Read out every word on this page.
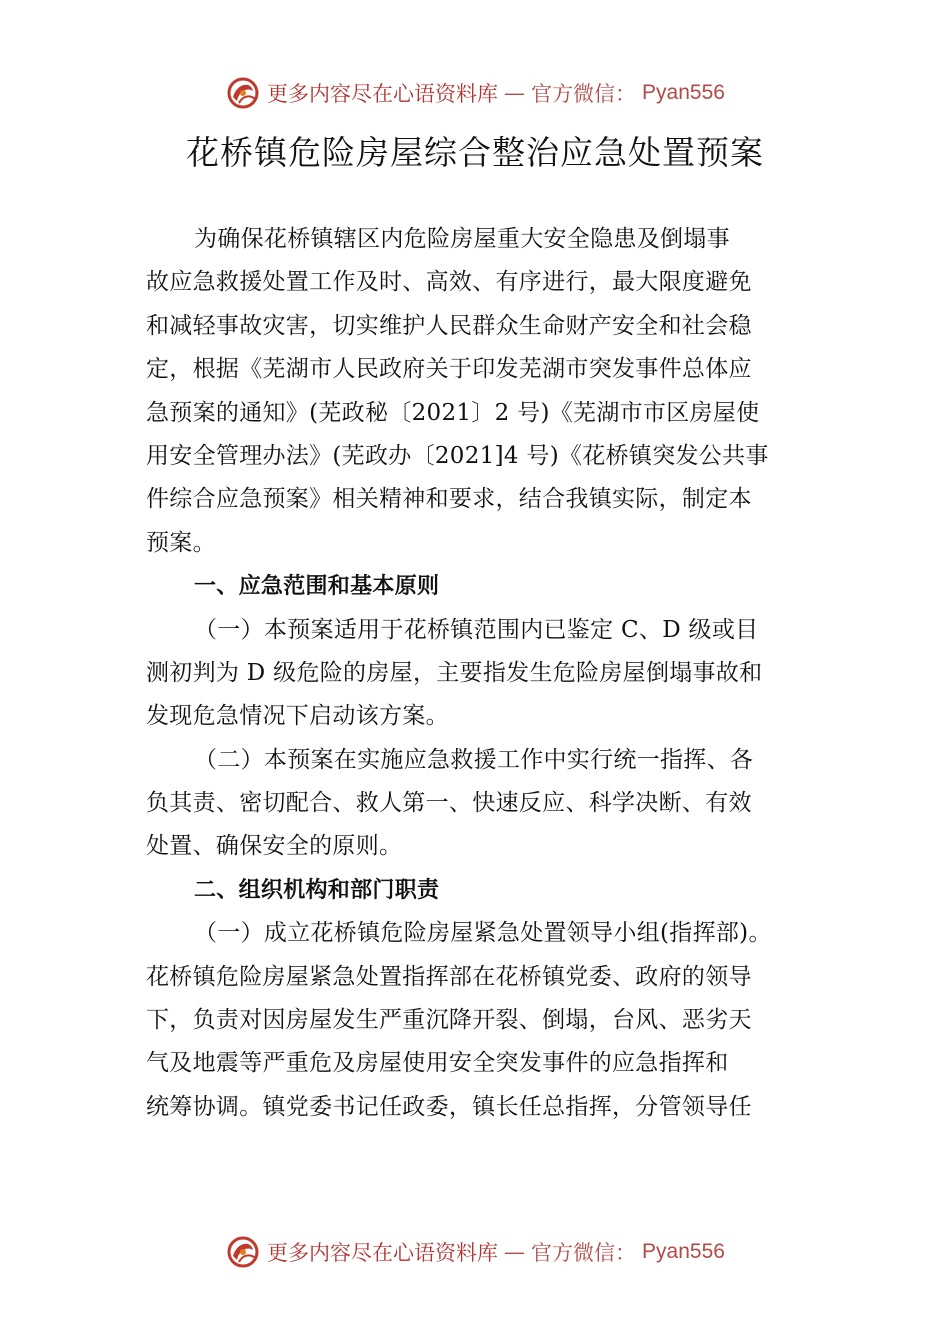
更多内容尽在心语资料库 — 官方微信： Pyan556
花桥镇危险房屋综合整治应急处置预案
为确保花桥镇辖区内危险房屋重大安全隐患及倒塌事
故应急救援处置工作及时、高效、有序进行，最大限度避免
和减轻事故灾害，切实维护人民群众生命财产安全和社会稳
定，根据《芜湖市人民政府关于印发芜湖市突发事件总体应
急预案的通知》(芜政秘〔2021〕2 号)《芜湖市市区房屋使
用安全管理办法》(芜政办〔2021]4 号)《花桥镇突发公共事
件综合应急预案》相关精神和要求，结合我镇实际，制定本
预案。
一、应急范围和基本原则
（一）本预案适用于花桥镇范围内已鉴定 C、D 级或目
测初判为 D 级危险的房屋，主要指发生危险房屋倒塌事故和
发现危急情况下启动该方案。
（二）本预案在实施应急救援工作中实行统一指挥、各
负其责、密切配合、救人第一、快速反应、科学决断、有效
处置、确保安全的原则。
二、组织机构和部门职责
（一）成立花桥镇危险房屋紧急处置领导小组(指挥部)。
花桥镇危险房屋紧急处置指挥部在花桥镇党委、政府的领导
下，负责对因房屋发生严重沉降开裂、倒塌，台风、恶劣天
气及地震等严重危及房屋使用安全突发事件的应急指挥和
统筹协调。镇党委书记任政委，镇长任总指挥，分管领导任
更多内容尽在心语资料库 — 官方微信： Pyan556
